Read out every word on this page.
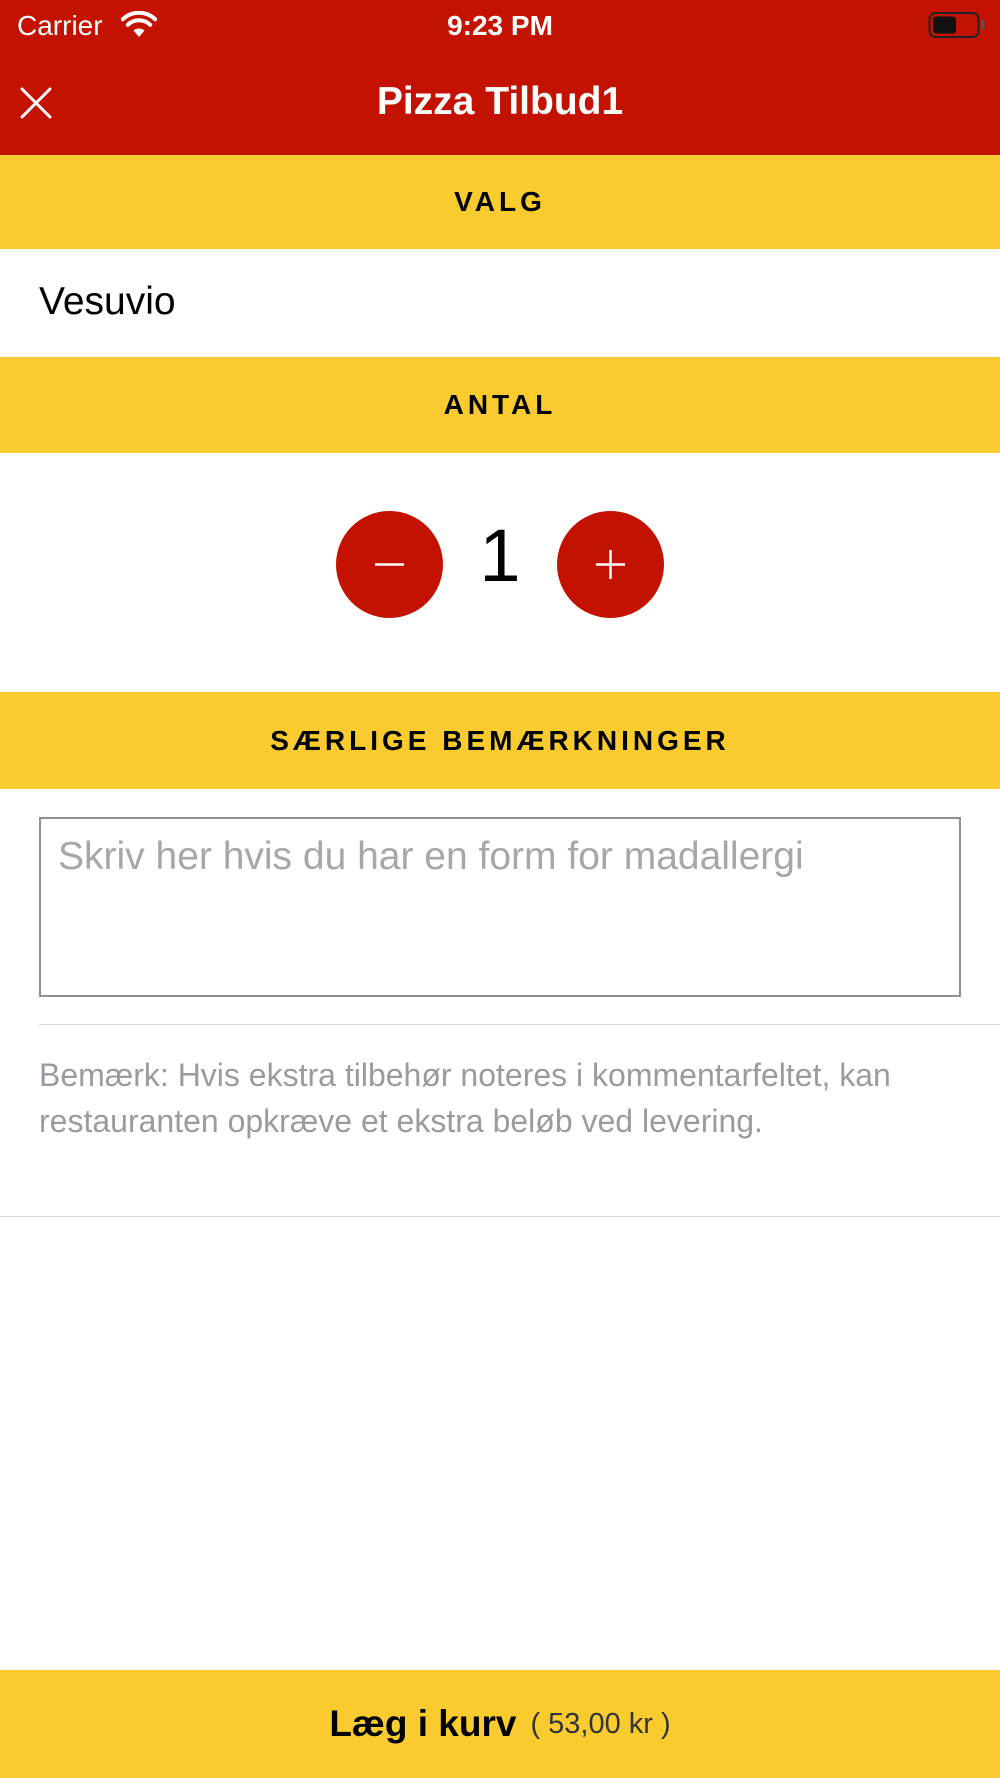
Carrier	9:23 PM
Pizza Tilbud1
VALG
Vesuvio
ANTAL
1
SÆRLIGE BEMÆRKNINGER
Skriv her hvis du har en form for madallergi
Bemærk: Hvis ekstra tilbehør noteres i kommentarfeltet, kan restauranten opkræve et ekstra beløb ved levering.
Læg i kurv ( 53,00 kr )
